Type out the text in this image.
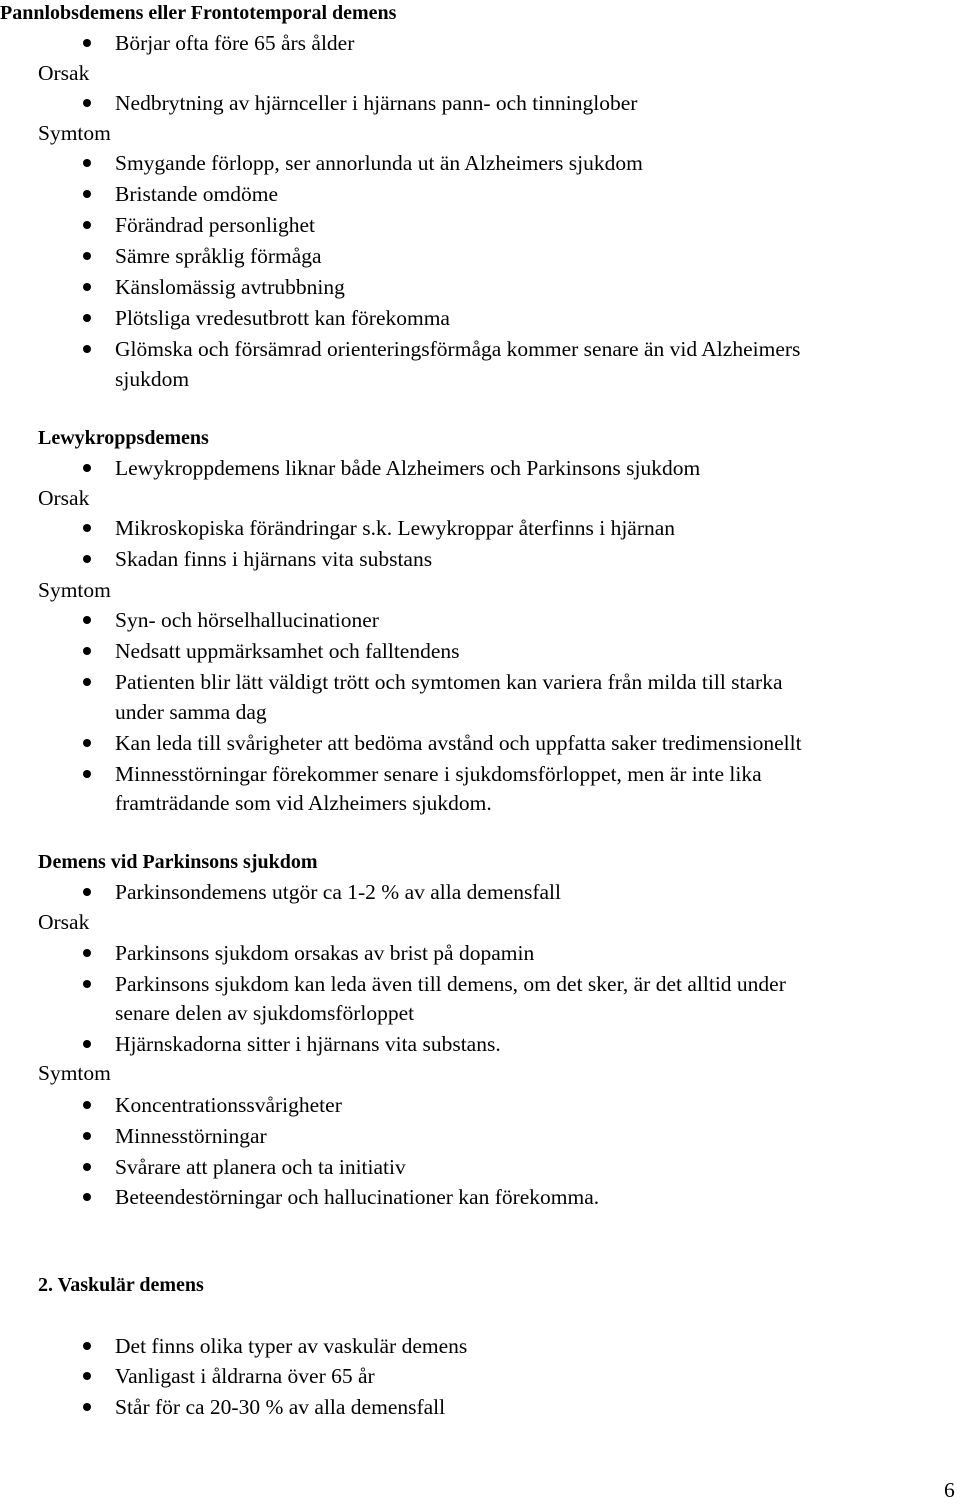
Pannlobsdemens eller Frontotemporal demens
Börjar ofta före 65 års ålder
Orsak
Nedbrytning av hjärnceller i hjärnans pann- och tinninglober
Symtom
Smygande förlopp, ser annorlunda ut än Alzheimers sjukdom
Bristande omdöme
Förändrad personlighet
Sämre språklig förmåga
Känslomässig avtrubbning
Plötsliga vredesutbrott kan förekomma
Glömska och försämrad orienteringsförmåga kommer senare än vid Alzheimers
sjukdom
Lewykroppsdemens
Lewykroppdemens liknar både Alzheimers och Parkinsons sjukdom
Orsak
Mikroskopiska förändringar s.k. Lewykroppar återfinns i hjärnan
Skadan finns i hjärnans vita substans
Symtom
Syn- och hörselhallucinationer
Nedsatt uppmärksamhet och falltendens
Patienten blir lätt väldigt trött och symtomen kan variera från milda till starka
under samma dag
Kan leda till svårigheter att bedöma avstånd och uppfatta saker tredimensionellt
Minnesstörningar förekommer senare i sjukdomsförloppet, men är inte lika
framträdande som vid Alzheimers sjukdom.
Demens vid Parkinsons sjukdom
Parkinsondemens utgör ca 1-2 % av alla demensfall
Orsak
Parkinsons sjukdom orsakas av brist på dopamin
Parkinsons sjukdom kan leda även till demens, om det sker, är det alltid under
senare delen av sjukdomsförloppet
Hjärnskadorna sitter i hjärnans vita substans.
Symtom
Koncentrationssvårigheter
Minnesstörningar
Svårare att planera och ta initiativ
Beteendestörningar och hallucinationer kan förekomma.
2. Vaskulär demens
Det finns olika typer av vaskulär demens
Vanligast i åldrarna över 65 år
Står för ca 20-30 % av alla demensfall
6
